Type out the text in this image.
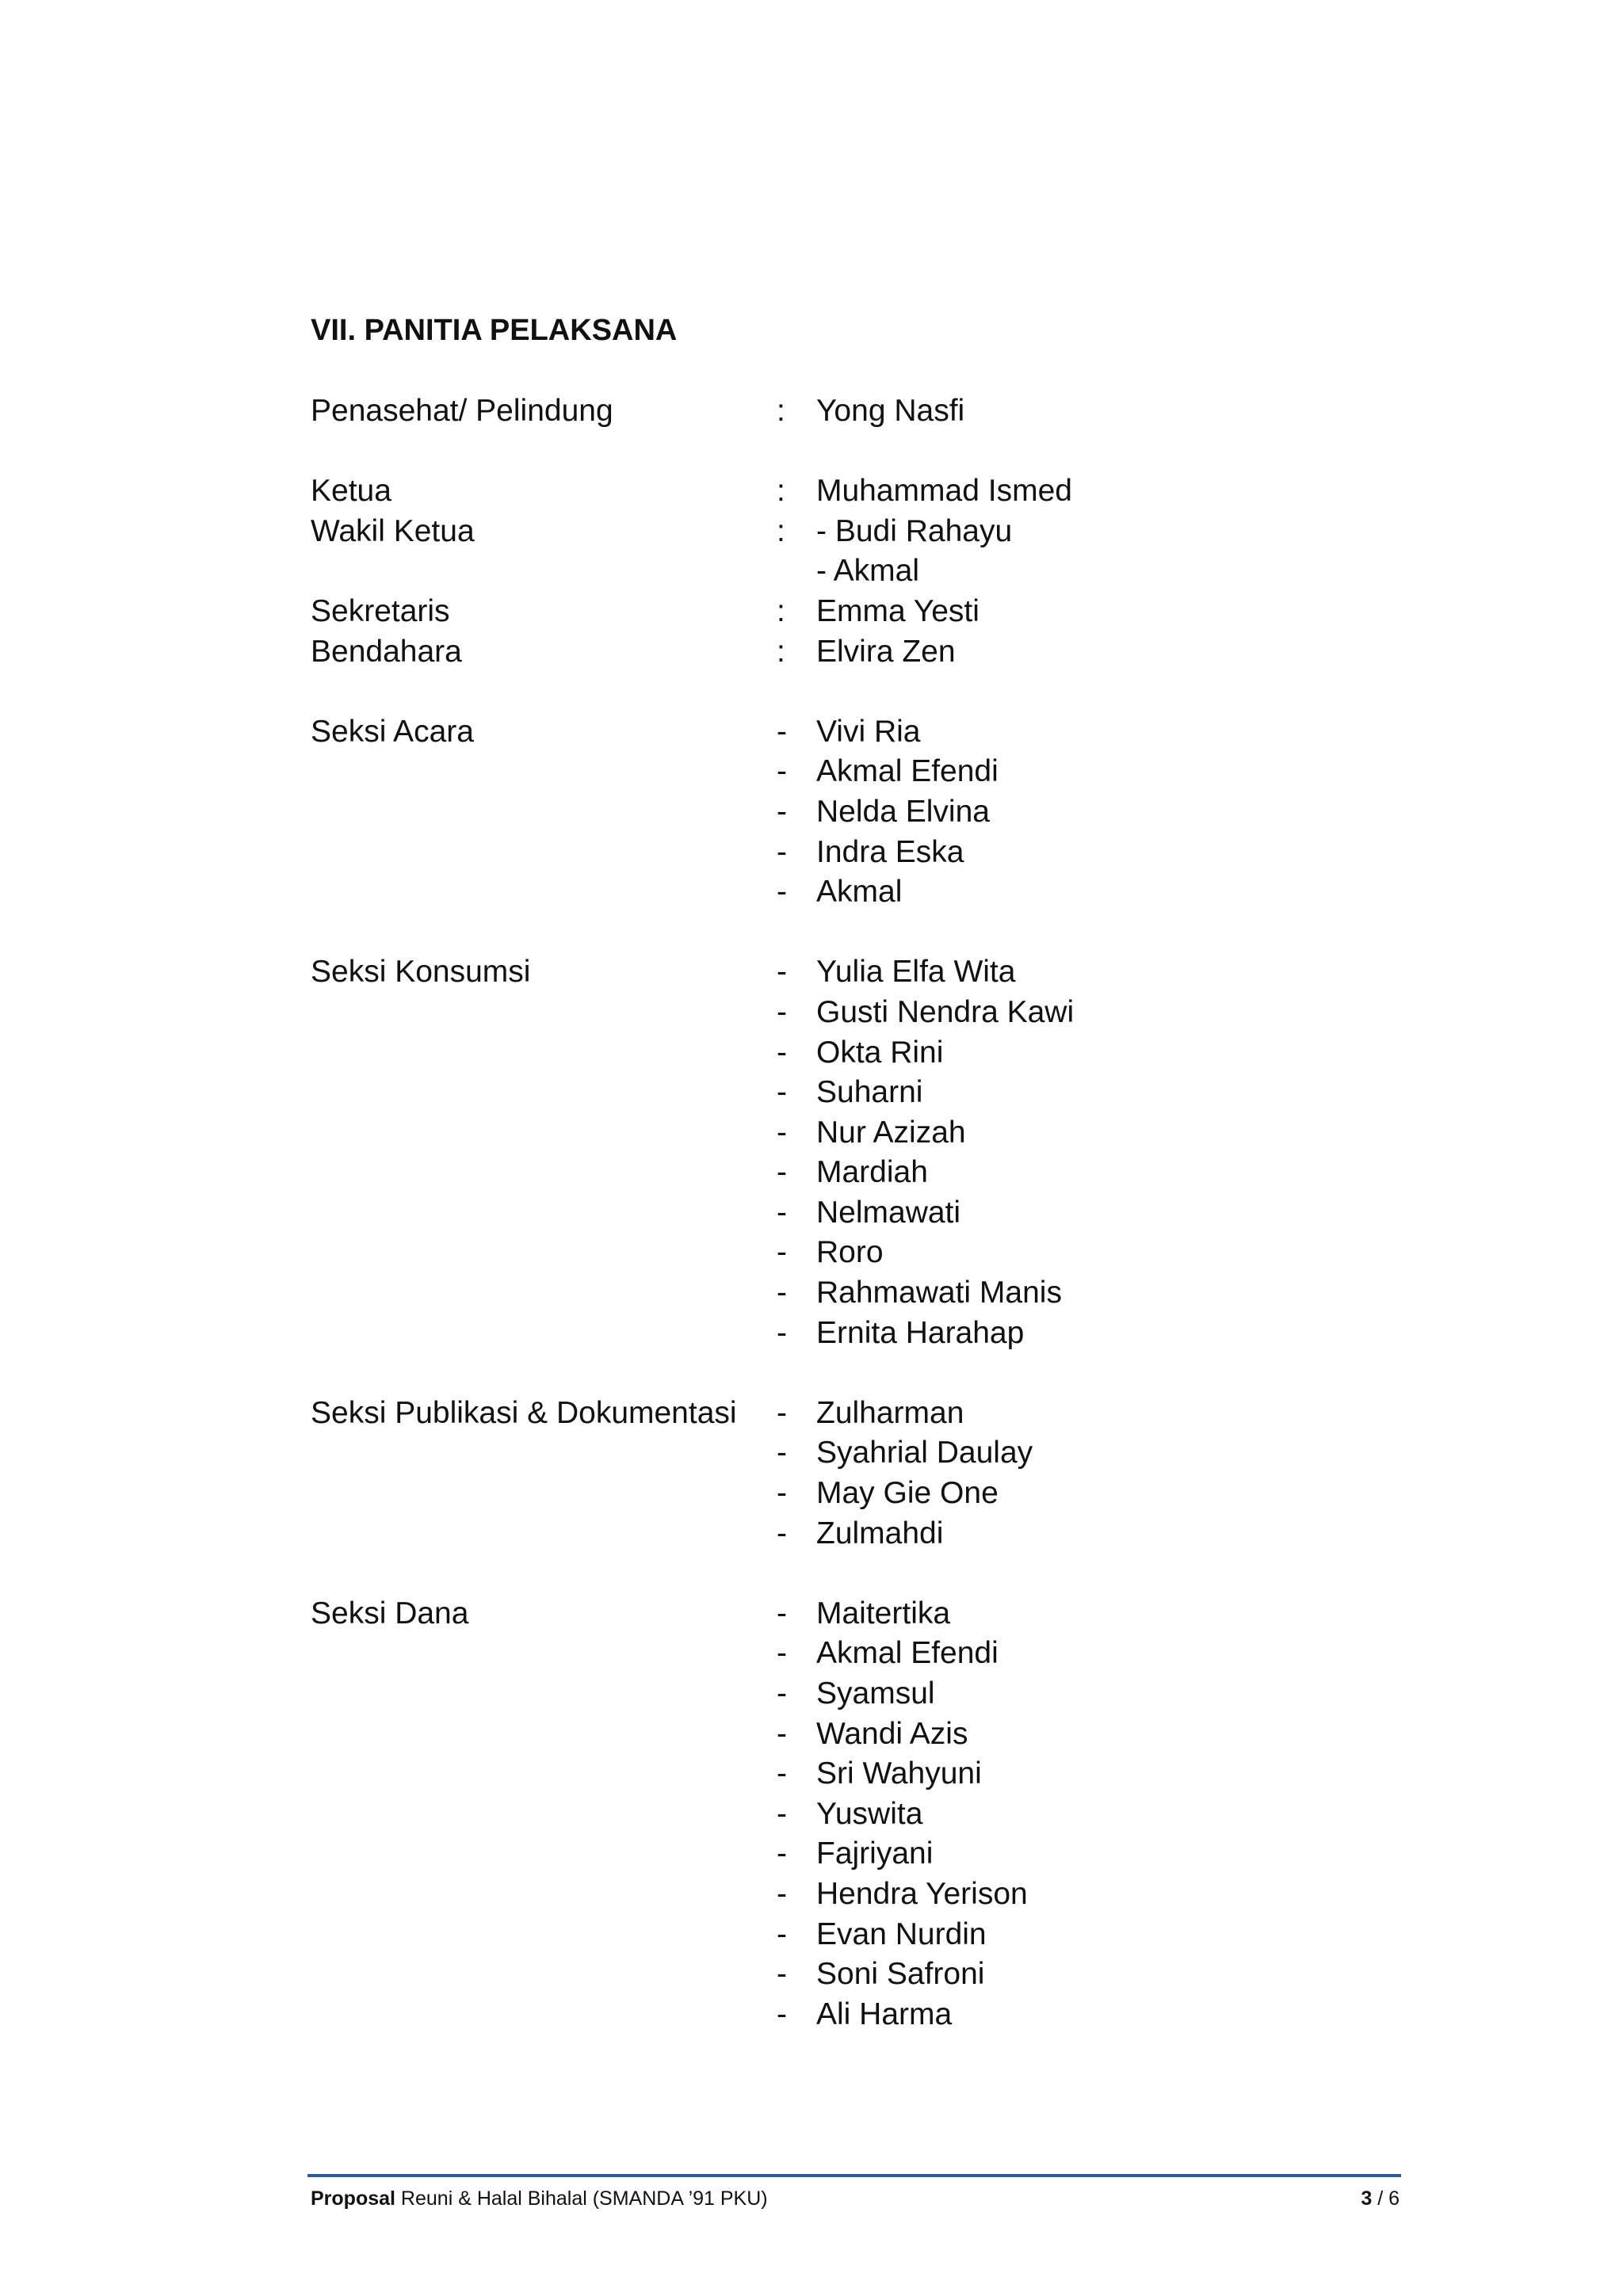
VII. PANITIA PELAKSANA
Penasehat/ Pelindung	:	Yong Nasfi
Ketua	:	Muhammad Ismed
Wakil Ketua	:	- Budi Rahayu
- Akmal
Sekretaris	:	Emma Yesti
Bendahara	:	Elvira Zen
Seksi Acara	- Vivi Ria
- Akmal Efendi
- Nelda Elvina
- Indra Eska
- Akmal
Seksi Konsumsi	- Yulia Elfa Wita
- Gusti Nendra Kawi
- Okta Rini
- Suharni
- Nur Azizah
- Mardiah
- Nelmawati
- Roro
- Rahmawati Manis
- Ernita Harahap
Seksi Publikasi & Dokumentasi	- Zulharman
- Syahrial Daulay
- May Gie One
- Zulmahdi
Seksi Dana	- Maitertika
- Akmal Efendi
- Syamsul
- Wandi Azis
- Sri Wahyuni
- Yuswita
- Fajriyani
- Hendra Yerison
- Evan Nurdin
- Soni Safroni
- Ali Harma
Proposal Reuni & Halal Bihalal (SMANDA ’91 PKU)	3 / 6
